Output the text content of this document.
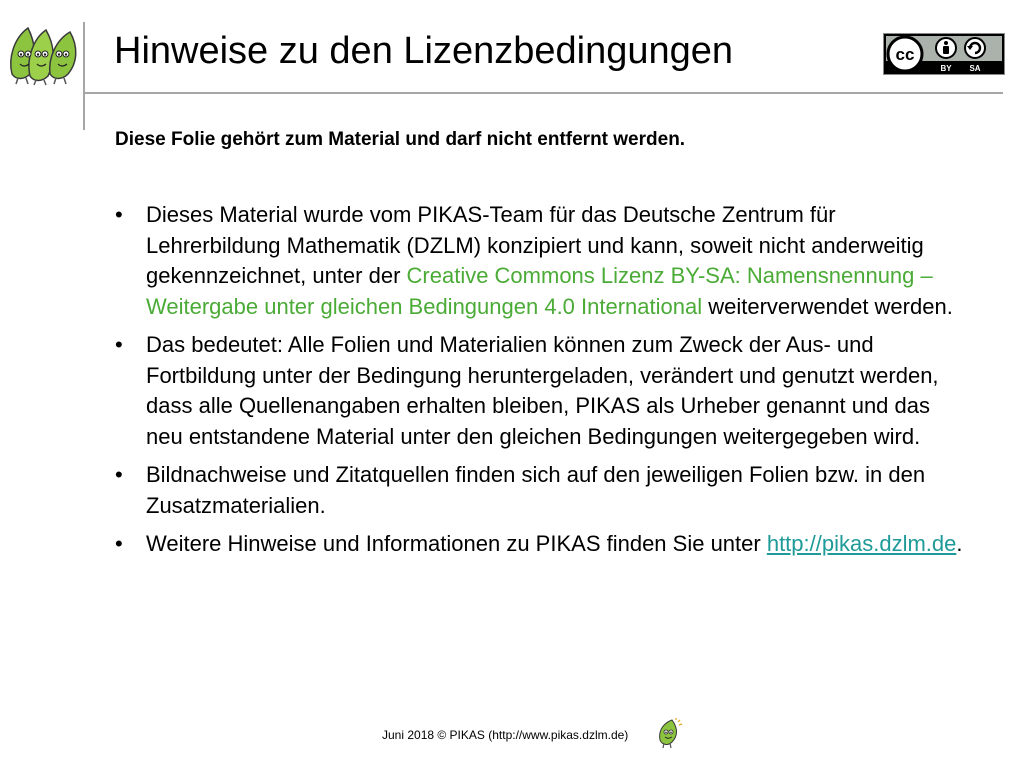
Hinweise zu den Lizenzbedingungen	cc
BY SA
Diese Folie gehört zum Material und darf nicht entfernt werden.
• Dieses Material wurde vom PIKAS-Team für das Deutsche Zentrum für Lehrerbildung Mathematik (DZLM) konzipiert und kann, soweit nicht anderweitig gekennzeichnet, unter der Creative Commons Lizenz BY-SA: Namensnennung – Weitergabe unter gleichen Bedingungen 4.0 International weiterverwendet werden.
• Das bedeutet: Alle Folien und Materialien können zum Zweck der Aus- und Fortbildung unter der Bedingung heruntergeladen, verändert und genutzt werden, dass alle Quellenangaben erhalten bleiben, PIKAS als Urheber genannt und das neu entstandene Material unter den gleichen Bedingungen weitergegeben wird.
• Bildnachweise und Zitatquellen finden sich auf den jeweiligen Folien bzw. in den Zusatzmaterialien.
• Weitere Hinweise und Informationen zu PIKAS finden Sie unter http://pikas.dzlm.de.
Juni 2018 © PIKAS (http://www.pikas.dzlm.de)
